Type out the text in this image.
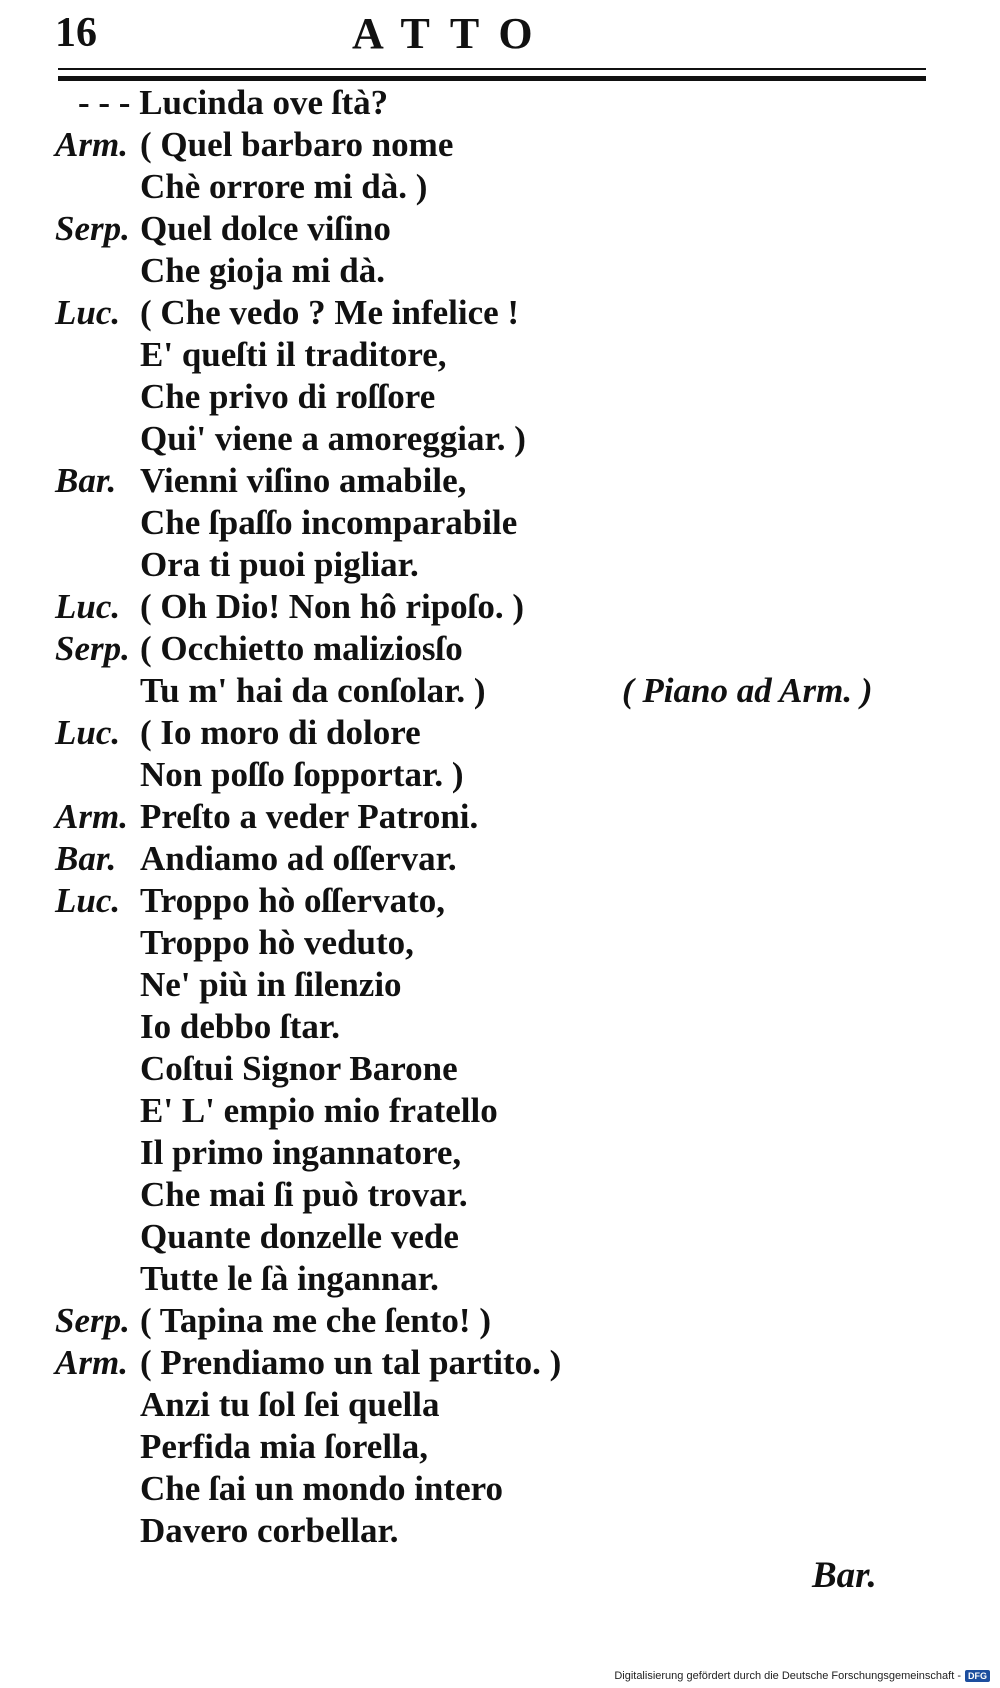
16	ATTO
- - - Lucinda ove ſtà?
Arm. ( Quel barbaro nome
Chè orrore mi dà. )
Serp. Quel dolce viſino
Che gioja mi dà.
Luc. ( Che vedo ? Me infelice !
E' queſti il traditore,
Che privo di roſſore
Qui' viene a amoreggiar. )
Bar. Vienni viſino amabile,
Che ſpaſſo incomparabile
Ora ti puoi pigliar.
Luc. ( Oh Dio! Non hô ripoſo. )
Serp. ( Occhietto maliziosſo
Tu m' hai da conſolar. )	( Piano ad Arm. )
Luc. ( Io moro di dolore
Non poſſo ſopportar. )
Arm. Preſto a veder Patroni.
Bar. Andiamo ad oſſervar.
Luc. Troppo hò oſſervato,
Troppo hò veduto,
Ne' più in ſilenzio
Io debbo ſtar.
Coſtui Signor Barone
E' L' empio mio fratello
Il primo ingannatore,
Che mai ſi può trovar.
Quante donzelle vede
Tutte le ſà ingannar.
Serp. ( Tapina me che ſento! )
Arm. ( Prendiamo un tal partito. )
Anzi tu ſol ſei quella
Perfida mia ſorella,
Che ſai un mondo intero
Davero corbellar.
Bar.
Digitalisierung gefördert durch die Deutsche Forschungsgemeinschaft - DFG
